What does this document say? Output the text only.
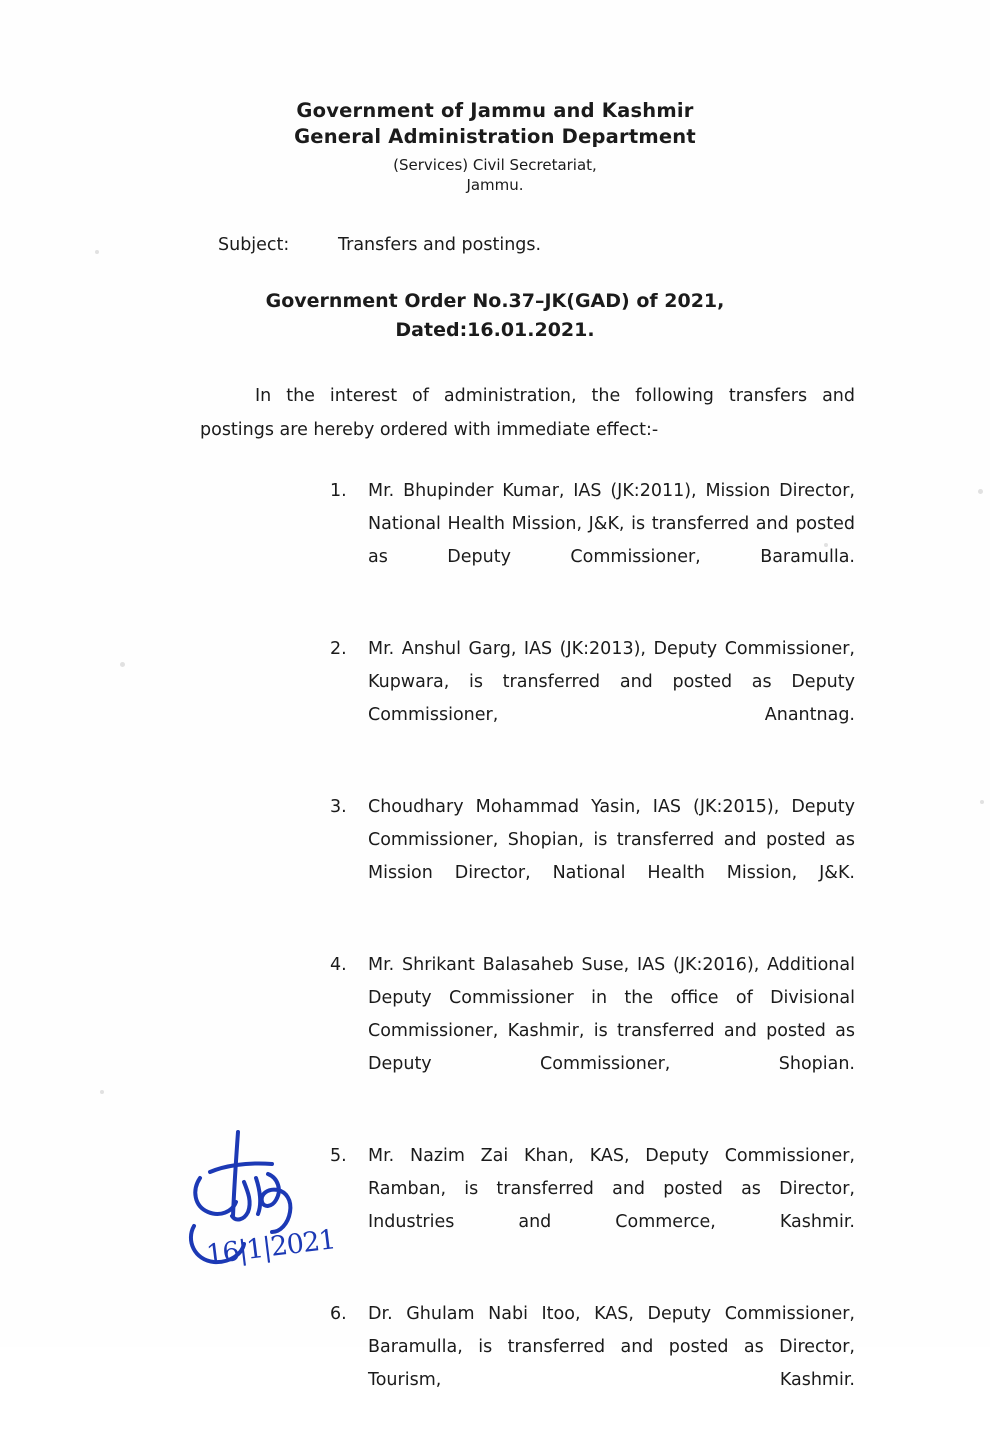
Government of Jammu and Kashmir
General Administration Department
(Services) Civil Secretariat,
Jammu.
Subject:	Transfers and postings.
Government Order No.37–JK(GAD) of 2021,
Dated:16.01.2021.
In the interest of administration, the following transfers and postings are hereby ordered with immediate effect:-
1.	Mr. Bhupinder Kumar, IAS (JK:2011), Mission Director, National Health Mission, J&K, is transferred and posted as Deputy Commissioner, Baramulla.
2.	Mr. Anshul Garg, IAS (JK:2013), Deputy Commissioner, Kupwara, is transferred and posted as Deputy Commissioner, Anantnag.
3.	Choudhary Mohammad Yasin, IAS (JK:2015), Deputy Commissioner, Shopian, is transferred and posted as Mission Director, National Health Mission, J&K.
4.	Mr. Shrikant Balasaheb Suse, IAS (JK:2016), Additional Deputy Commissioner in the office of Divisional Commissioner, Kashmir, is transferred and posted as Deputy Commissioner, Shopian.
5.	Mr. Nazim Zai Khan, KAS, Deputy Commissioner, Ramban, is transferred and posted as Director, Industries and Commerce, Kashmir.
6.	Dr. Ghulam Nabi Itoo, KAS, Deputy Commissioner, Baramulla, is transferred and posted as Director, Tourism, Kashmir.
16|1|2021
